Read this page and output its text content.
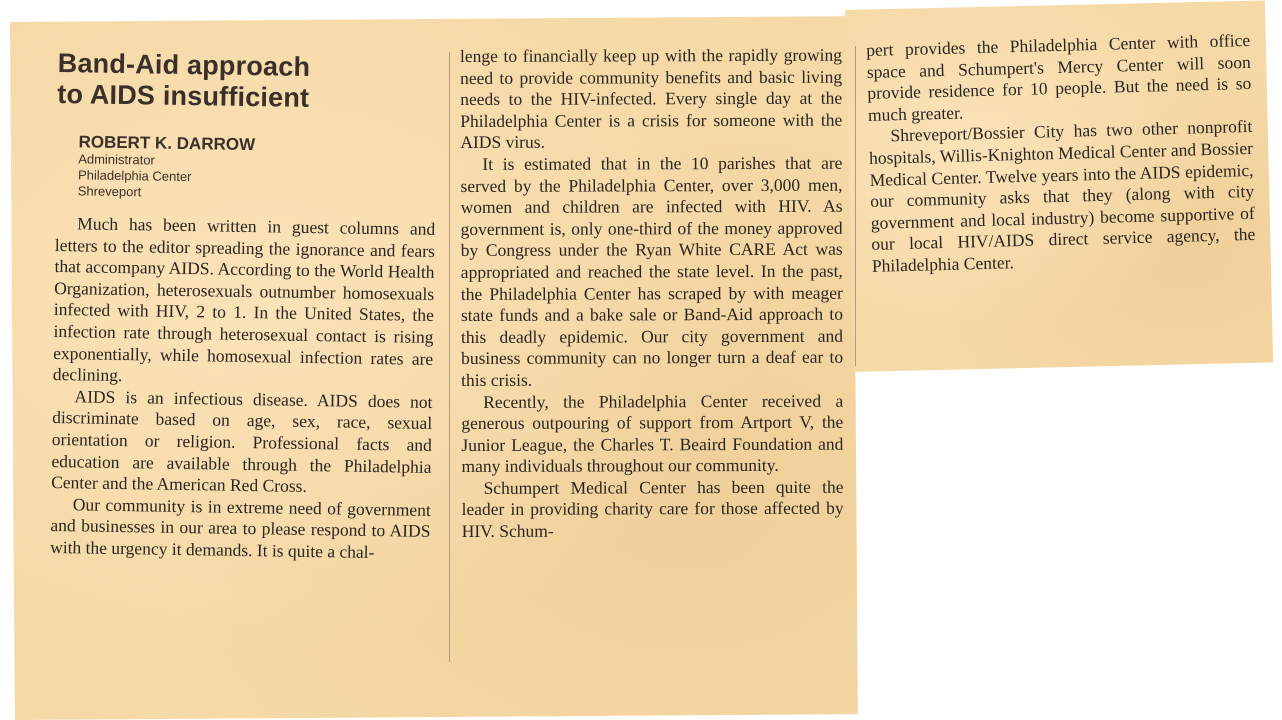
Band-Aid approach
to AIDS insufficient

ROBERT K. DARROW

Administrator

Philadelphia Center

Shreveport

Much has been written in guest columns and letters to the editor spreading the ignorance and fears that accompany AIDS. According to the World Health Organization, heterosexuals outnumber homosexuals infected with HIV, 2 to 1. In the United States, the infection rate through heterosexual contact is rising exponentially, while homosexual infection rates are declining.

AIDS is an infectious disease. AIDS does not discriminate based on age, sex, race, sexual orientation or religion. Professional facts and education are available through the Philadelphia Center and the American Red Cross.

Our community is in extreme need of government and businesses in our area to please respond to AIDS with the urgency it demands. It is quite a chal-

lenge to financially keep up with the rapidly growing need to provide community benefits and basic living needs to the HIV-infected. Every single day at the Philadelphia Center is a crisis for someone with the AIDS virus.

It is estimated that in the 10 parishes that are served by the Philadelphia Center, over 3,000 men, women and children are infected with HIV. As government is, only one-third of the money approved by Congress under the Ryan White CARE Act was appropriated and reached the state level. In the past, the Philadelphia Center has scraped by with meager state funds and a bake sale or Band-Aid approach to this deadly epidemic. Our city government and business community can no longer turn a deaf ear to this crisis.

Recently, the Philadelphia Center received a generous outpouring of support from Artport V, the Junior League, the Charles T. Beaird Foundation and many individuals throughout our community.

Schumpert Medical Center has been quite the leader in providing charity care for those affected by HIV. Schum-

pert provides the Philadelphia Center with office space and Schumpert's Mercy Center will soon provide residence for 10 people. But the need is so much greater.

Shreveport/Bossier City has two other nonprofit hospitals, Willis-Knighton Medical Center and Bossier Medical Center. Twelve years into the AIDS epidemic, our community asks that they (along with city government and local industry) become supportive of our local HIV/AIDS direct service agency, the Philadelphia Center.
